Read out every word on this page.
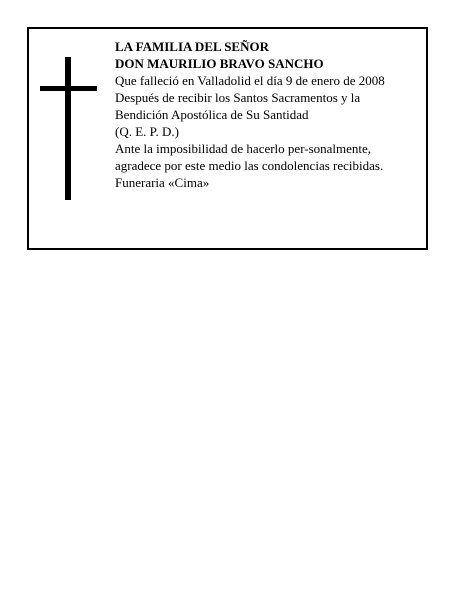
LA FAMILIA DEL SEÑOR
DON MAURILIO BRAVO SANCHO
Que falleció en Valladolid el día 9 de enero de 2008
Después de recibir los Santos Sacramentos y la
Bendición Apostólica de Su Santidad
(Q. E. P. D.)
Ante la imposibilidad de hacerlo per-sonalmente,
agradece por este medio las condolencias recibidas.
Funeraria «Cima»
